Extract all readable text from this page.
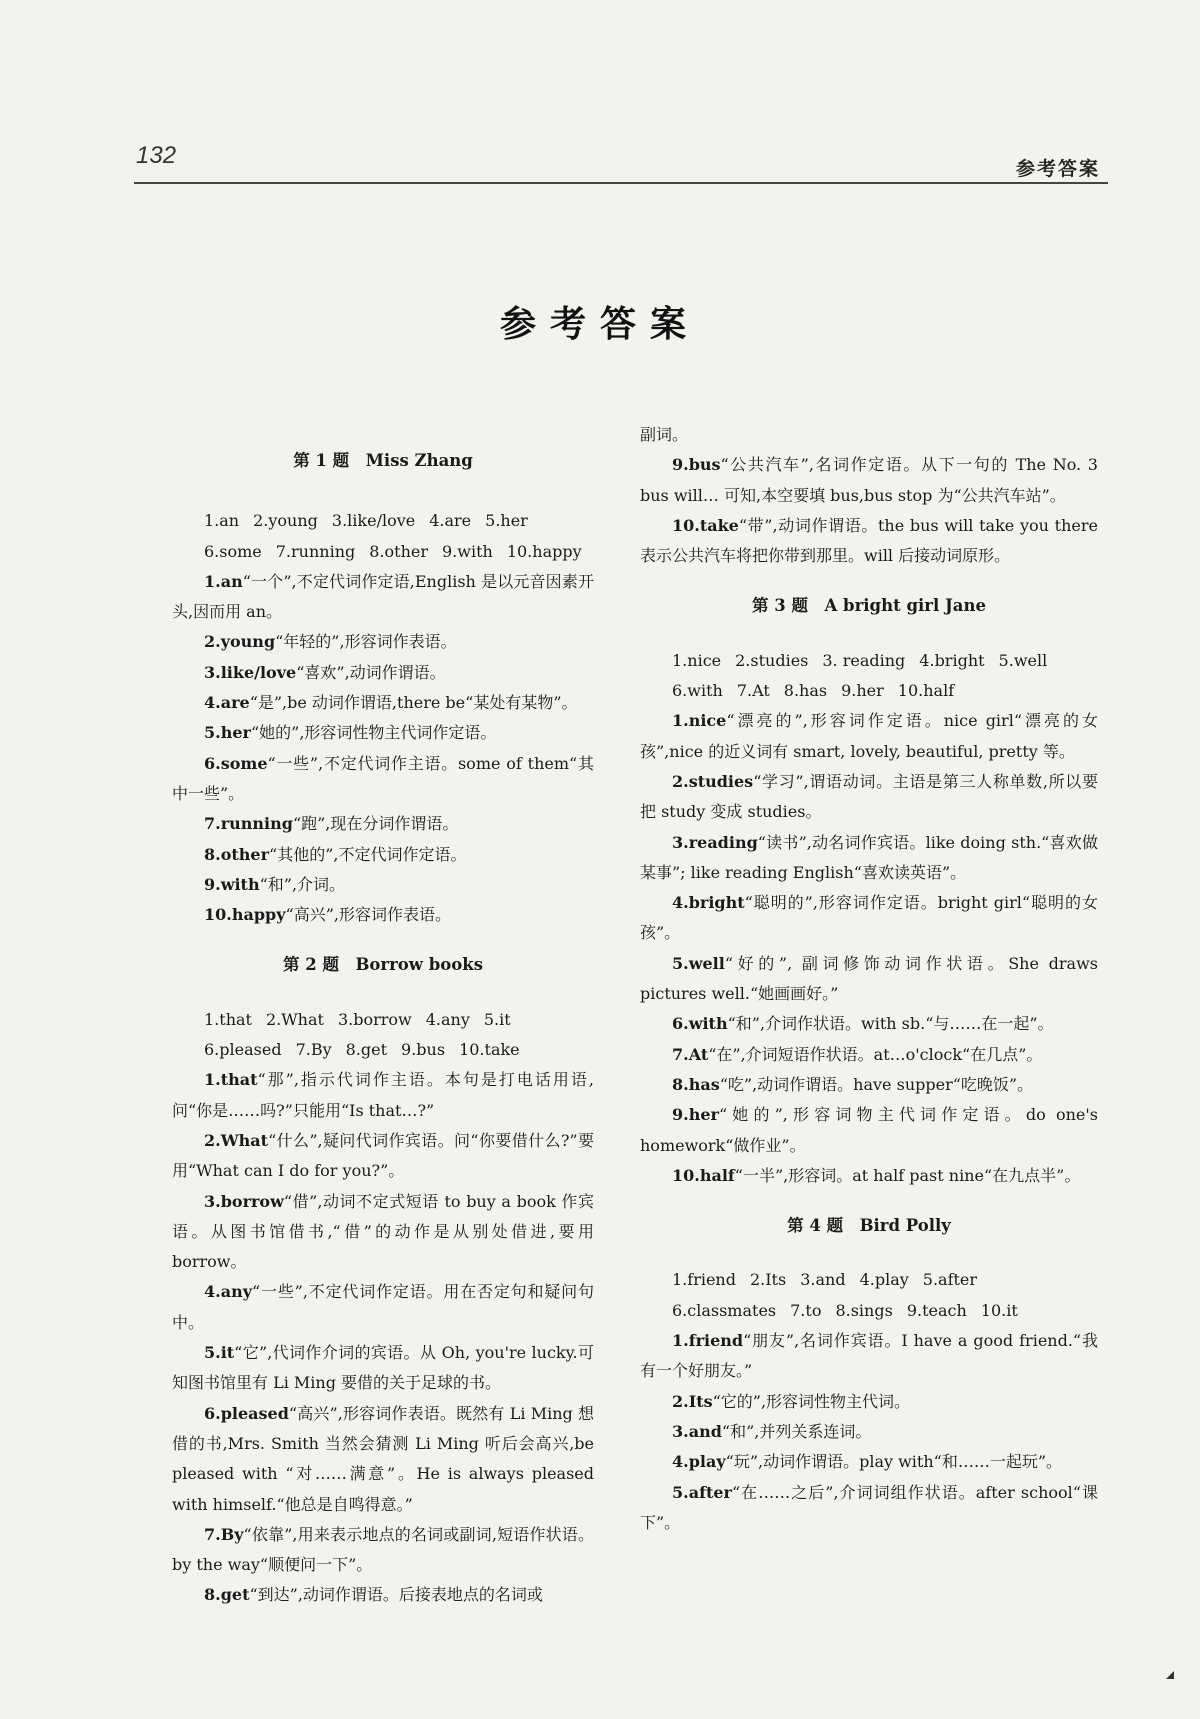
132	参考答案
参考答案
第 1 题　Miss Zhang

1.an 2.young 3.like/love 4.are 5.her

6.some 7.running 8.other 9.with 10.happy

1.an“一个”,不定代词作定语,English 是以元音因素开头,因而用 an。

2.young“年轻的”,形容词作表语。

3.like/love“喜欢”,动词作谓语。

4.are“是”,be 动词作谓语,there be“某处有某物”。

5.her“她的”,形容词性物主代词作定语。

6.some“一些”,不定代词作主语。some of them“其中一些”。

7.running“跑”,现在分词作谓语。

8.other“其他的”,不定代词作定语。

9.with“和”,介词。

10.happy“高兴”,形容词作表语。

第 2 题　Borrow books

1.that 2.What 3.borrow 4.any 5.it

6.pleased 7.By 8.get 9.bus 10.take

1.that“那”,指示代词作主语。本句是打电话用语,问“你是……吗?”只能用“Is that…?”

2.What“什么”,疑问代词作宾语。问“你要借什么?”要用“What can I do for you?”。

3.borrow“借”,动词不定式短语 to buy a book 作宾语。从图书馆借书,“借”的动作是从别处借进,要用 borrow。

4.any“一些”,不定代词作定语。用在否定句和疑问句中。

5.it“它”,代词作介词的宾语。从 Oh, you're lucky.可知图书馆里有 Li Ming 要借的关于足球的书。

6.pleased“高兴”,形容词作表语。既然有 Li Ming 想借的书,Mrs. Smith 当然会猜测 Li Ming 听后会高兴,be pleased with “对……满意”。He is always pleased with himself.“他总是自鸣得意。”

7.By“依靠”,用来表示地点的名词或副词,短语作状语。by the way“顺便问一下”。

8.get“到达”,动词作谓语。后接表地点的名词或

副词。

9.bus“公共汽车”,名词作定语。从下一句的 The No. 3 bus will… 可知,本空要填 bus,bus stop 为“公共汽车站”。

10.take“带”,动词作谓语。the bus will take you there 表示公共汽车将把你带到那里。will 后接动词原形。

第 3 题　A bright girl Jane

1.nice 2.studies 3. reading 4.bright 5.well

6.with 7.At 8.has 9.her 10.half

1.nice“漂亮的”,形容词作定语。nice girl“漂亮的女孩”,nice 的近义词有 smart, lovely, beautiful, pretty 等。

2.studies“学习”,谓语动词。主语是第三人称单数,所以要把 study 变成 studies。

3.reading“读书”,动名词作宾语。like doing sth.“喜欢做某事”; like reading English“喜欢读英语”。

4.bright“聪明的”,形容词作定语。bright girl“聪明的女孩”。

5.well“好的”, 副词修饰动词作状语。She draws pictures well.“她画画好。”

6.with“和”,介词作状语。with sb.“与……在一起”。

7.At“在”,介词短语作状语。at…o'clock“在几点”。

8.has“吃”,动词作谓语。have supper“吃晚饭”。

9.her“她的”,形容词物主代词作定语。do one's homework“做作业”。

10.half“一半”,形容词。at half past nine“在九点半”。

第 4 题　Bird Polly

1.friend 2.Its 3.and 4.play 5.after

6.classmates 7.to 8.sings 9.teach 10.it

1.friend“朋友”,名词作宾语。I have a good friend.“我有一个好朋友。”

2.Its“它的”,形容词性物主代词。

3.and“和”,并列关系连词。

4.play“玩”,动词作谓语。play with“和……一起玩”。

5.after“在……之后”,介词词组作状语。after school“课下”。
